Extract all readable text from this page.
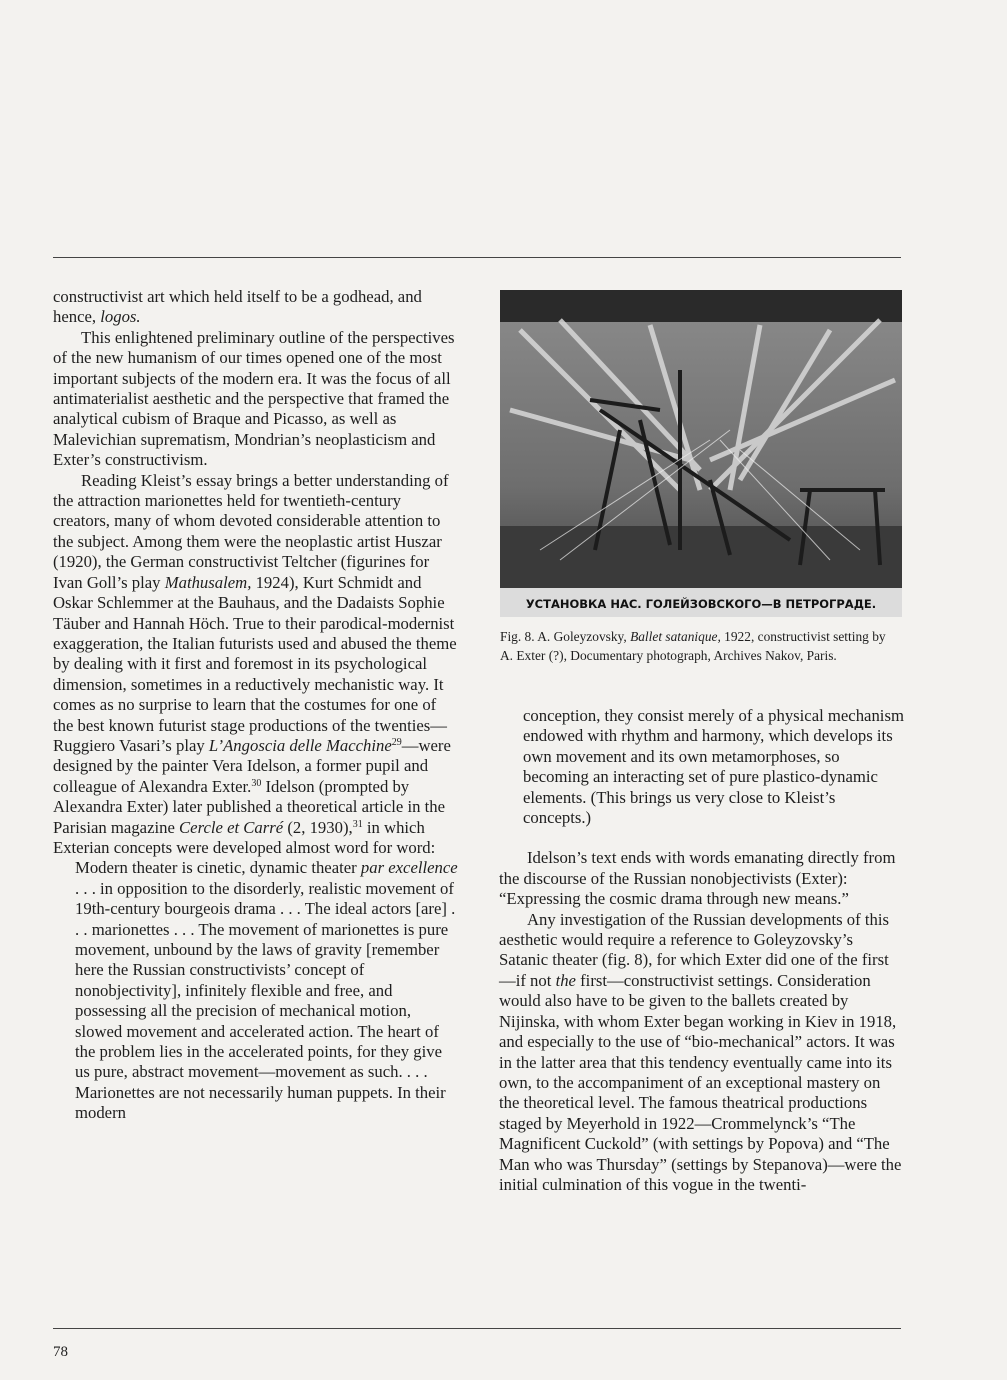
constructivist art which held itself to be a godhead, and hence, logos.

This enlightened preliminary outline of the perspectives of the new humanism of our times opened one of the most important subjects of the modern era. It was the focus of all antimaterialist aesthetic and the perspective that framed the analytical cubism of Braque and Picasso, as well as Malevichian suprematism, Mondrian’s neoplasticism and Exter’s constructivism.

Reading Kleist’s essay brings a better understanding of the attraction marionettes held for twentieth-century creators, many of whom devoted considerable attention to the subject. Among them were the neoplastic artist Huszar (1920), the German constructivist Teltcher (figurines for Ivan Goll’s play Mathusalem, 1924), Kurt Schmidt and Oskar Schlemmer at the Bauhaus, and the Dadaists Sophie Täuber and Hannah Höch. True to their parodical-modernist exaggeration, the Italian futurists used and abused the theme by dealing with it first and foremost in its psychological dimension, sometimes in a reductively mechanistic way. It comes as no surprise to learn that the costumes for one of the best known futurist stage productions of the twenties—Ruggiero Vasari’s play L’Angoscia delle Macchine$^{29}$—were designed by the painter Vera Idelson, a former pupil and colleague of Alexandra Exter.$^{30}$ Idelson (prompted by Alexandra Exter) later published a theoretical article in the Parisian magazine Cercle et Carré (2, 1930),$^{31}$ in which Exterian concepts were developed almost word for word:

Modern theater is cinetic, dynamic theater par excellence . . . in opposition to the disorderly, realistic movement of 19th-century bourgeois drama . . . The ideal actors [are] . . . marionettes . . . The movement of marionettes is pure movement, unbound by the laws of gravity [remember here the Russian constructivists’ concept of nonobjectivity], infinitely flexible and free, and possessing all the precision of mechanical motion, slowed movement and accelerated action. The heart of the problem lies in the accelerated points, for they give us pure, abstract movement—movement as such. . . . Marionettes are not necessarily human puppets. In their modern

УСТАНОВКА НАС. ГОЛЕЙЗОВСКОГО—В ПЕТРОГРАДЕ.

Fig. 8. A. Goleyzovsky, Ballet satanique, 1922, constructivist setting by A. Exter (?), Documentary photograph, Archives Nakov, Paris.

conception, they consist merely of a physical mechanism endowed with rhythm and harmony, which develops its own movement and its own metamorphoses, so becoming an interacting set of pure plastico-dynamic elements. (This brings us very close to Kleist’s concepts.)

Idelson’s text ends with words emanating directly from the discourse of the Russian nonobjectivists (Exter): “Expressing the cosmic drama through new means.”

Any investigation of the Russian developments of this aesthetic would require a reference to Goleyzovsky’s Satanic theater (fig. 8), for which Exter did one of the first—if not the first—constructivist settings. Consideration would also have to be given to the ballets created by Nijinska, with whom Exter began working in Kiev in 1918, and especially to the use of “bio-mechanical” actors. It was in the latter area that this tendency eventually came into its own, to the accompaniment of an exceptional mastery on the theoretical level. The famous theatrical productions staged by Meyerhold in 1922—Crommelynck’s “The Magnificent Cuckold” (with settings by Popova) and “The Man who was Thursday” (settings by Stepanova)—were the initial culmination of this vogue in the twenti-

78
